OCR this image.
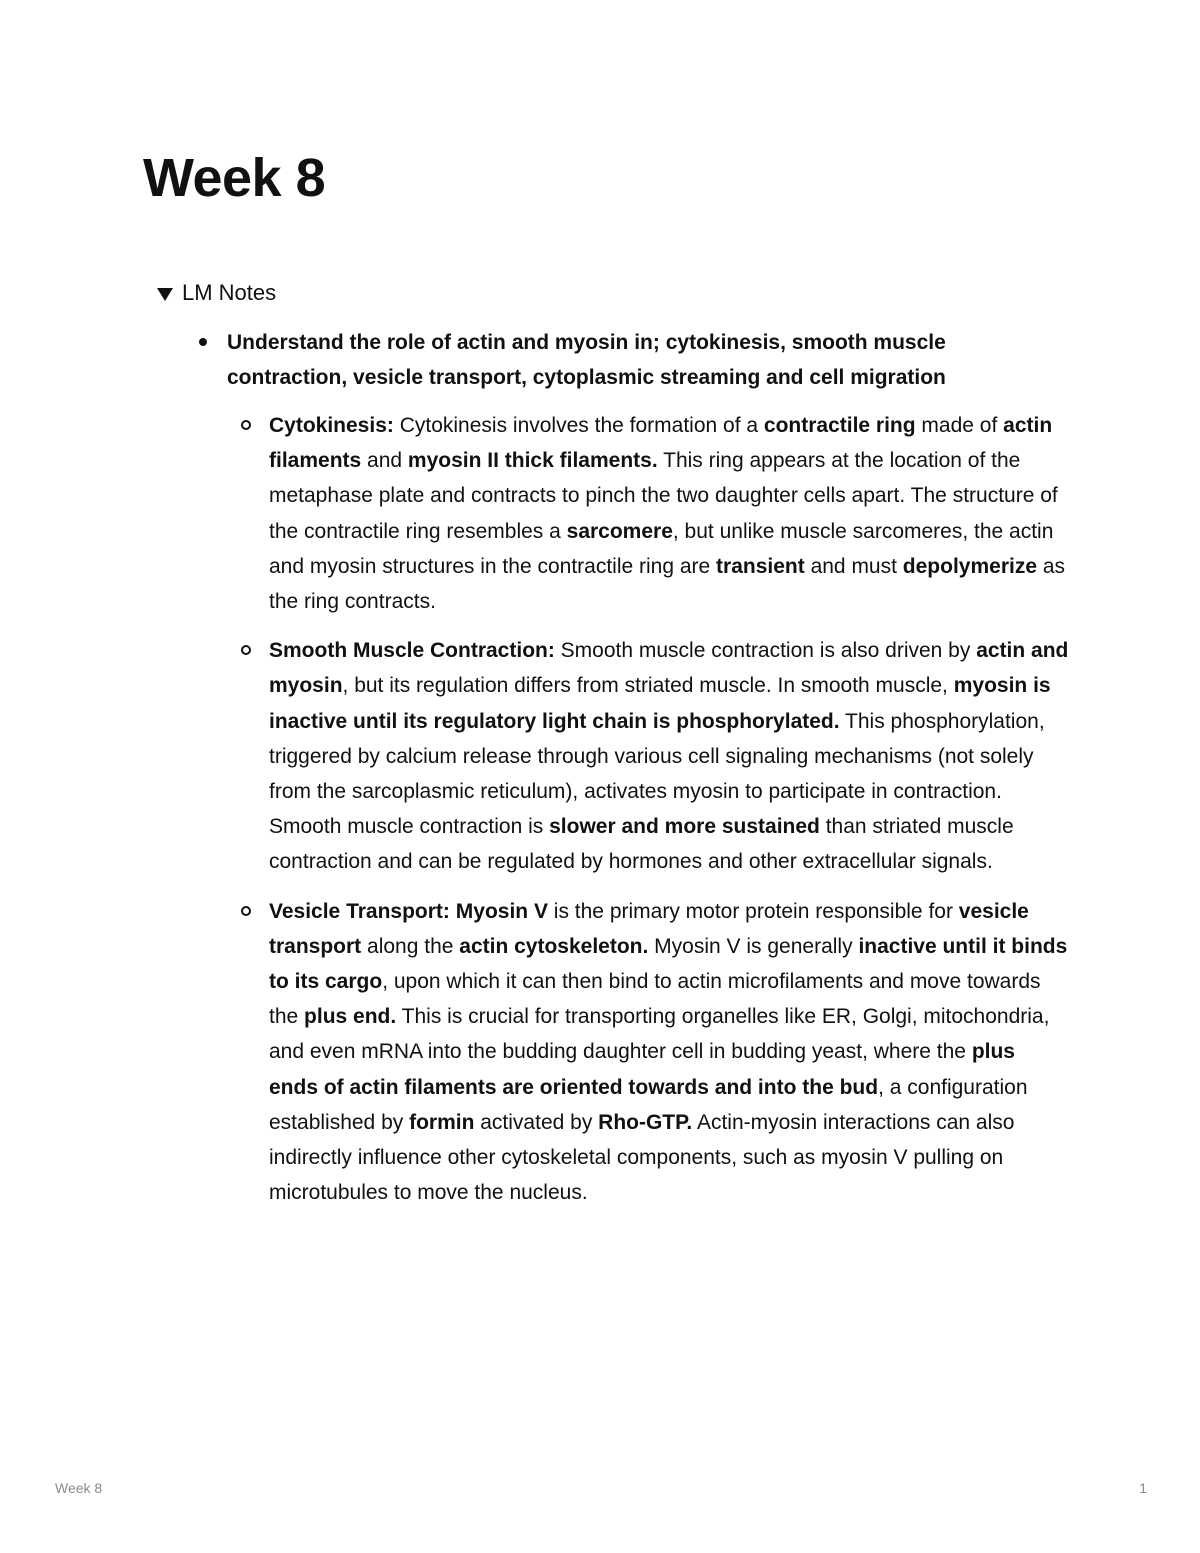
Week 8
LM Notes

Understand the role of actin and myosin in; cytokinesis, smooth muscle contraction, vesicle transport, cytoplasmic streaming and cell migration

Cytokinesis: Cytokinesis involves the formation of a contractile ring made of actin filaments and myosin II thick filaments. This ring appears at the location of the metaphase plate and contracts to pinch the two daughter cells apart. The structure of the contractile ring resembles a sarcomere, but unlike muscle sarcomeres, the actin and myosin structures in the contractile ring are transient and must depolymerize as the ring contracts.

Smooth Muscle Contraction: Smooth muscle contraction is also driven by actin and myosin, but its regulation differs from striated muscle. In smooth muscle, myosin is inactive until its regulatory light chain is phosphorylated. This phosphorylation, triggered by calcium release through various cell signaling mechanisms (not solely from the sarcoplasmic reticulum), activates myosin to participate in contraction. Smooth muscle contraction is slower and more sustained than striated muscle contraction and can be regulated by hormones and other extracellular signals.

Vesicle Transport: Myosin V is the primary motor protein responsible for vesicle transport along the actin cytoskeleton. Myosin V is generally inactive until it binds to its cargo, upon which it can then bind to actin microfilaments and move towards the plus end. This is crucial for transporting organelles like ER, Golgi, mitochondria, and even mRNA into the budding daughter cell in budding yeast, where the plus ends of actin filaments are oriented towards and into the bud, a configuration established by formin activated by Rho-GTP. Actin-myosin interactions can also indirectly influence other cytoskeletal components, such as myosin V pulling on microtubules to move the nucleus.

Week 8	1
